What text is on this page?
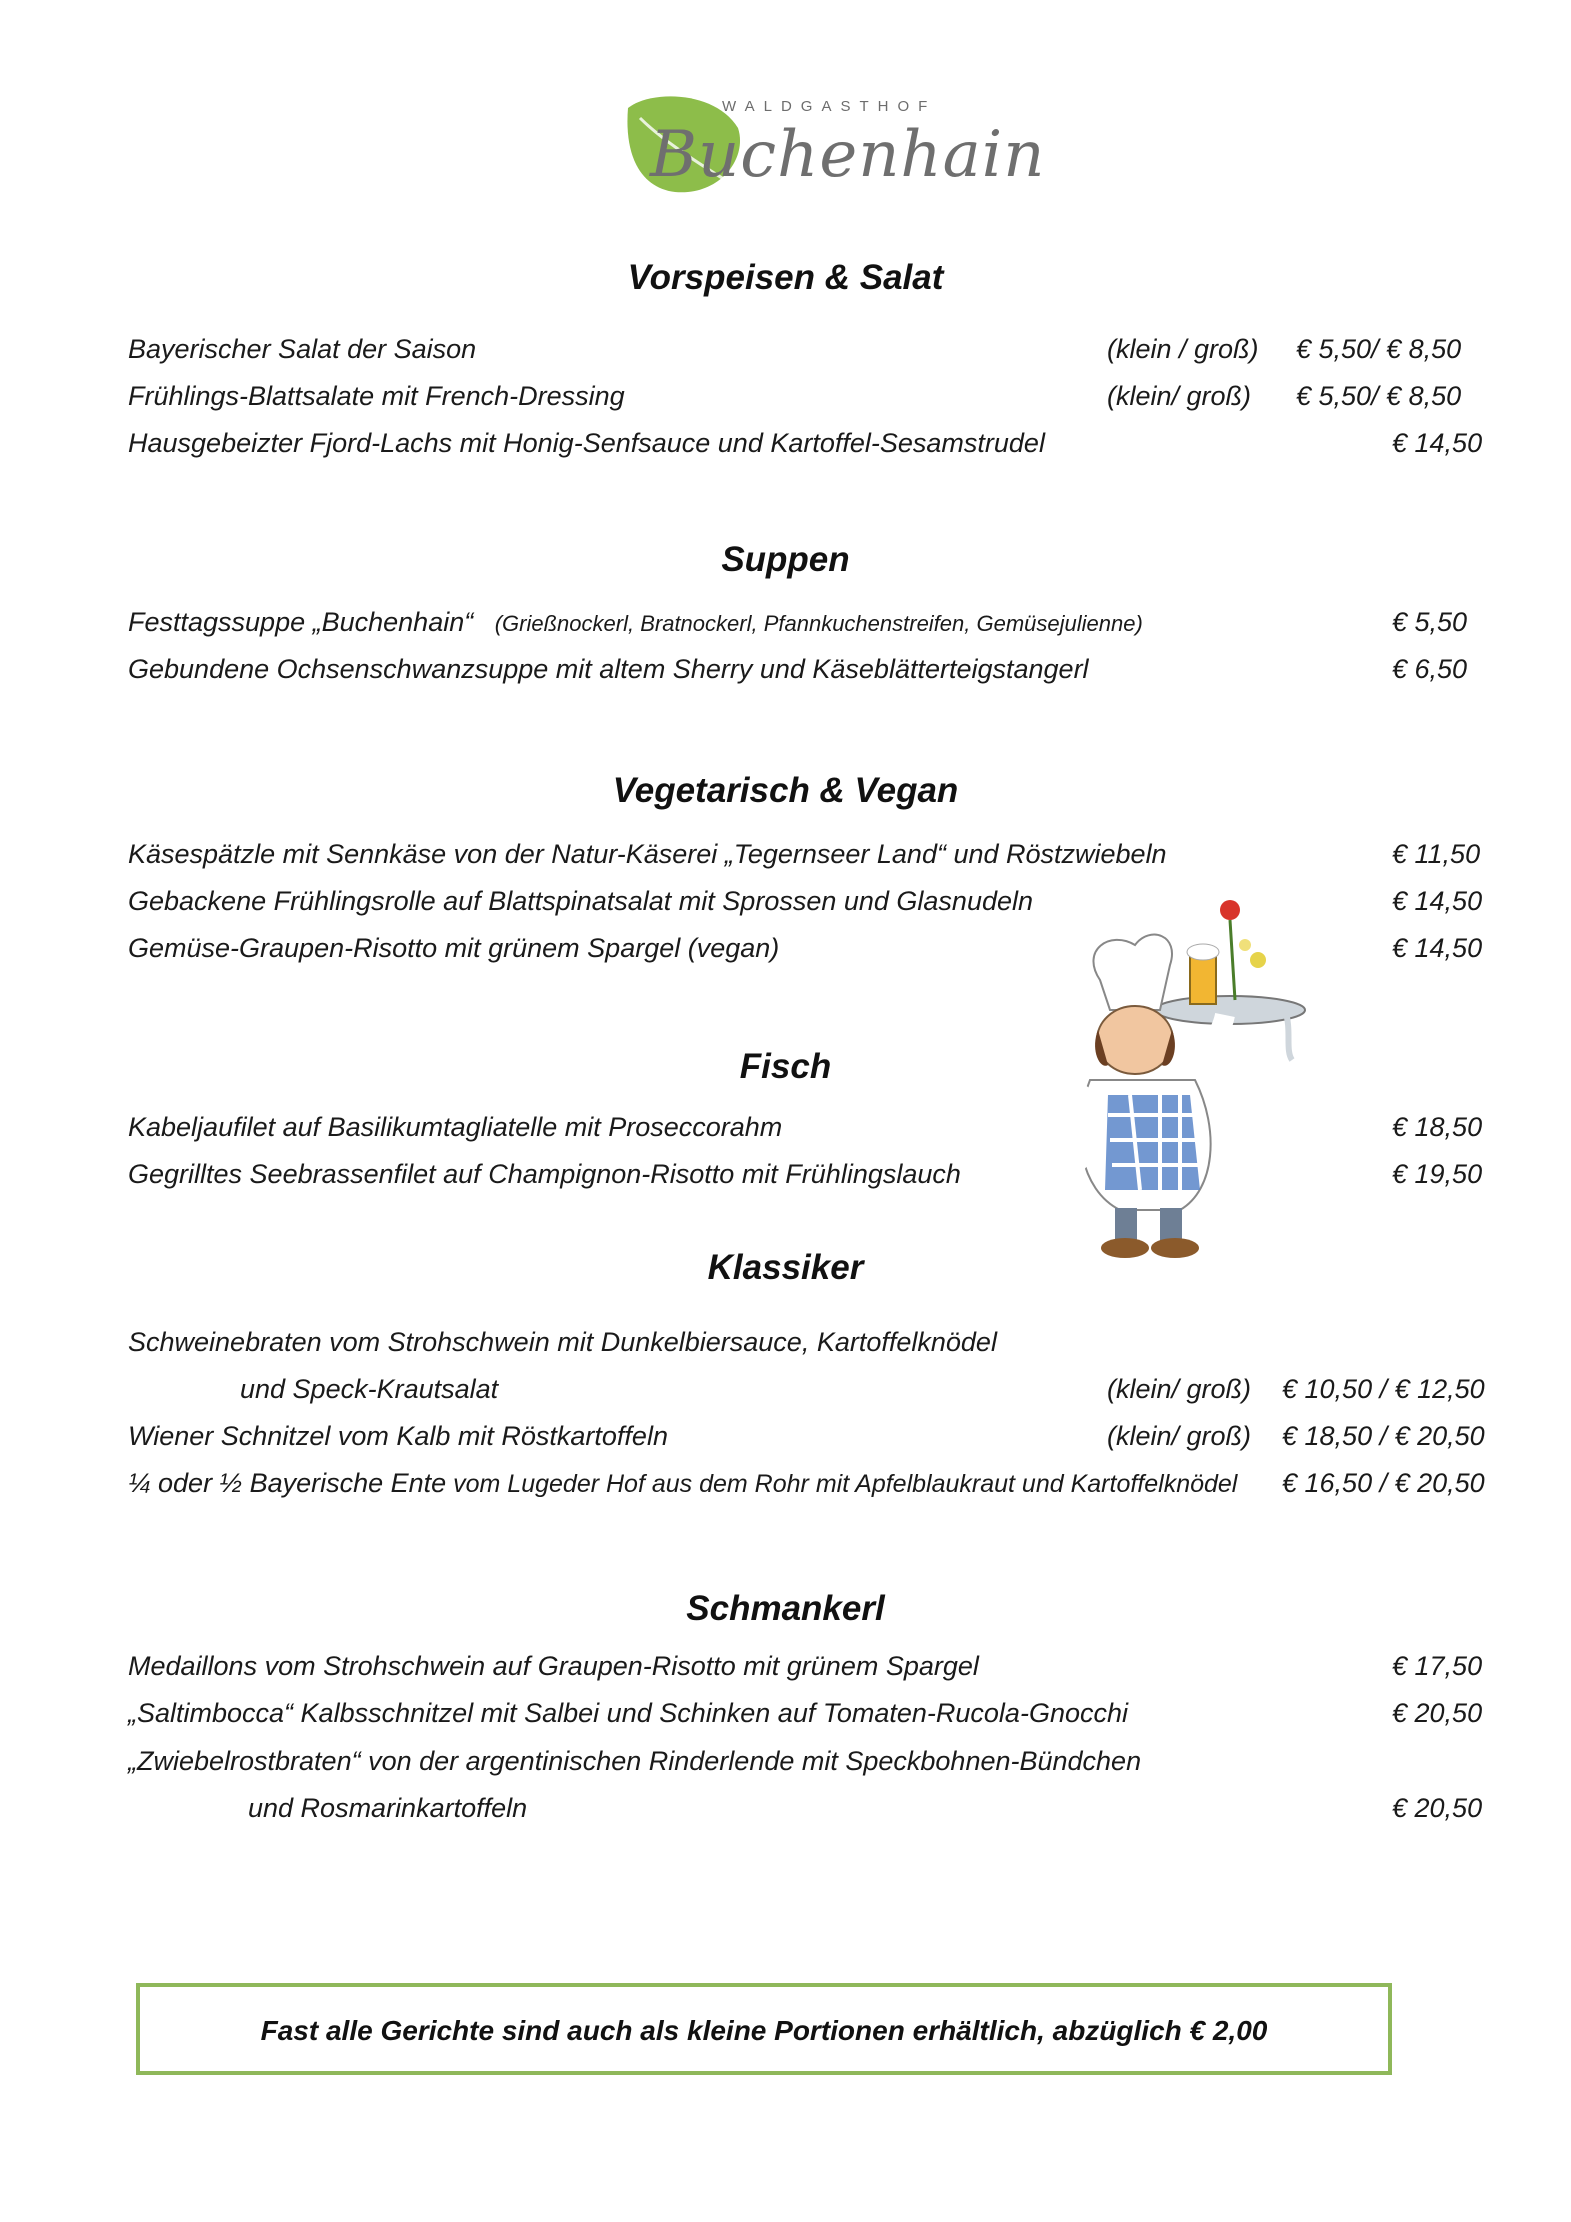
WALDGASTHOF
Buchenhain
Vorspeisen & Salat
Bayerischer Salat der Saison	(klein / groß) € 5,50/ € 8,50
Frühlings-Blattsalate mit French-Dressing	(klein/ groß) € 5,50/ € 8,50
Hausgebeizter Fjord-Lachs mit Honig-Senfsauce und Kartoffel-Sesamstrudel	€ 14,50
Suppen
Festtagssuppe „Buchenhain“ (Grießnockerl, Bratnockerl, Pfannkuchenstreifen, Gemüsejulienne)	€ 5,50
Gebundene Ochsenschwanzsuppe mit altem Sherry und Käseblätterteigstangerl	€ 6,50
Vegetarisch & Vegan
Käsespätzle mit Sennkäse von der Natur-Käserei „Tegernseer Land“ und Röstzwiebeln	€ 11,50
Gebackene Frühlingsrolle auf Blattspinatsalat mit Sprossen und Glasnudeln	€ 14,50
Gemüse-Graupen-Risotto mit grünem Spargel (vegan)	€ 14,50
Fisch
Kabeljaufilet auf Basilikumtagliatelle mit Proseccorahm	€ 18,50
Gegrilltes Seebrassenfilet auf Champignon-Risotto mit Frühlingslauch	€ 19,50
Klassiker
Schweinebraten vom Strohschwein mit Dunkelbiersauce, Kartoffelknödel
und Speck-Krautsalat	(klein/ groß) € 10,50 / € 12,50
Wiener Schnitzel vom Kalb mit Röstkartoffeln	(klein/ groß) € 18,50 / € 20,50
¼ oder ½ Bayerische Ente vom Lugeder Hof aus dem Rohr mit Apfelblaukraut und Kartoffelknödel € 16,50 / € 20,50
Schmankerl
Medaillons vom Strohschwein auf Graupen-Risotto mit grünem Spargel	€ 17,50
„Saltimbocca“ Kalbsschnitzel mit Salbei und Schinken auf Tomaten-Rucola-Gnocchi	€ 20,50
„Zwiebelrostbraten“ von der argentinischen Rinderlende mit Speckbohnen-Bündchen
und Rosmarinkartoffeln	€ 20,50
Fast alle Gerichte sind auch als kleine Portionen erhältlich, abzüglich € 2,00
